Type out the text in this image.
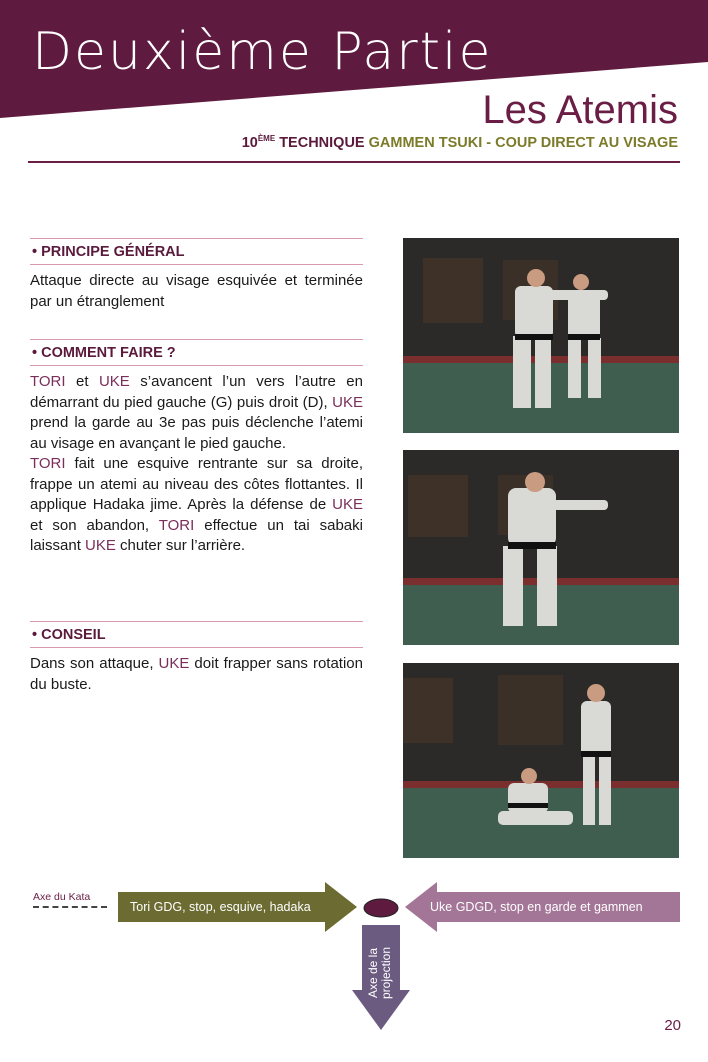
Deuxième Partie
Les Atemis
10ÈME TECHNIQUE GAMMEN TSUKI - COUP DIRECT AU VISAGE
• PRINCIPE GÉNÉRAL
Attaque directe au visage esquivée et terminée par un étranglement
• COMMENT FAIRE ?
TORI et UKE s’avancent l’un vers l’autre en démarrant du pied gauche (G) puis droit (D), UKE prend la garde au 3e pas puis déclenche l’atemi au visage en avançant le pied gauche.
TORI fait une esquive rentrante sur sa droite, frappe un atemi au niveau des côtes flottantes. Il applique Hadaka jime. Après la défense de UKE et son abandon, TORI effectue un tai sabaki laissant UKE chuter sur l’arrière.
• CONSEIL
Dans son attaque, UKE doit frapper sans rotation du buste.
Axe du Kata
Tori GDG, stop, esquive, hadaka	Uke GDGD, stop en garde et gammen
Axe de la projection
20
